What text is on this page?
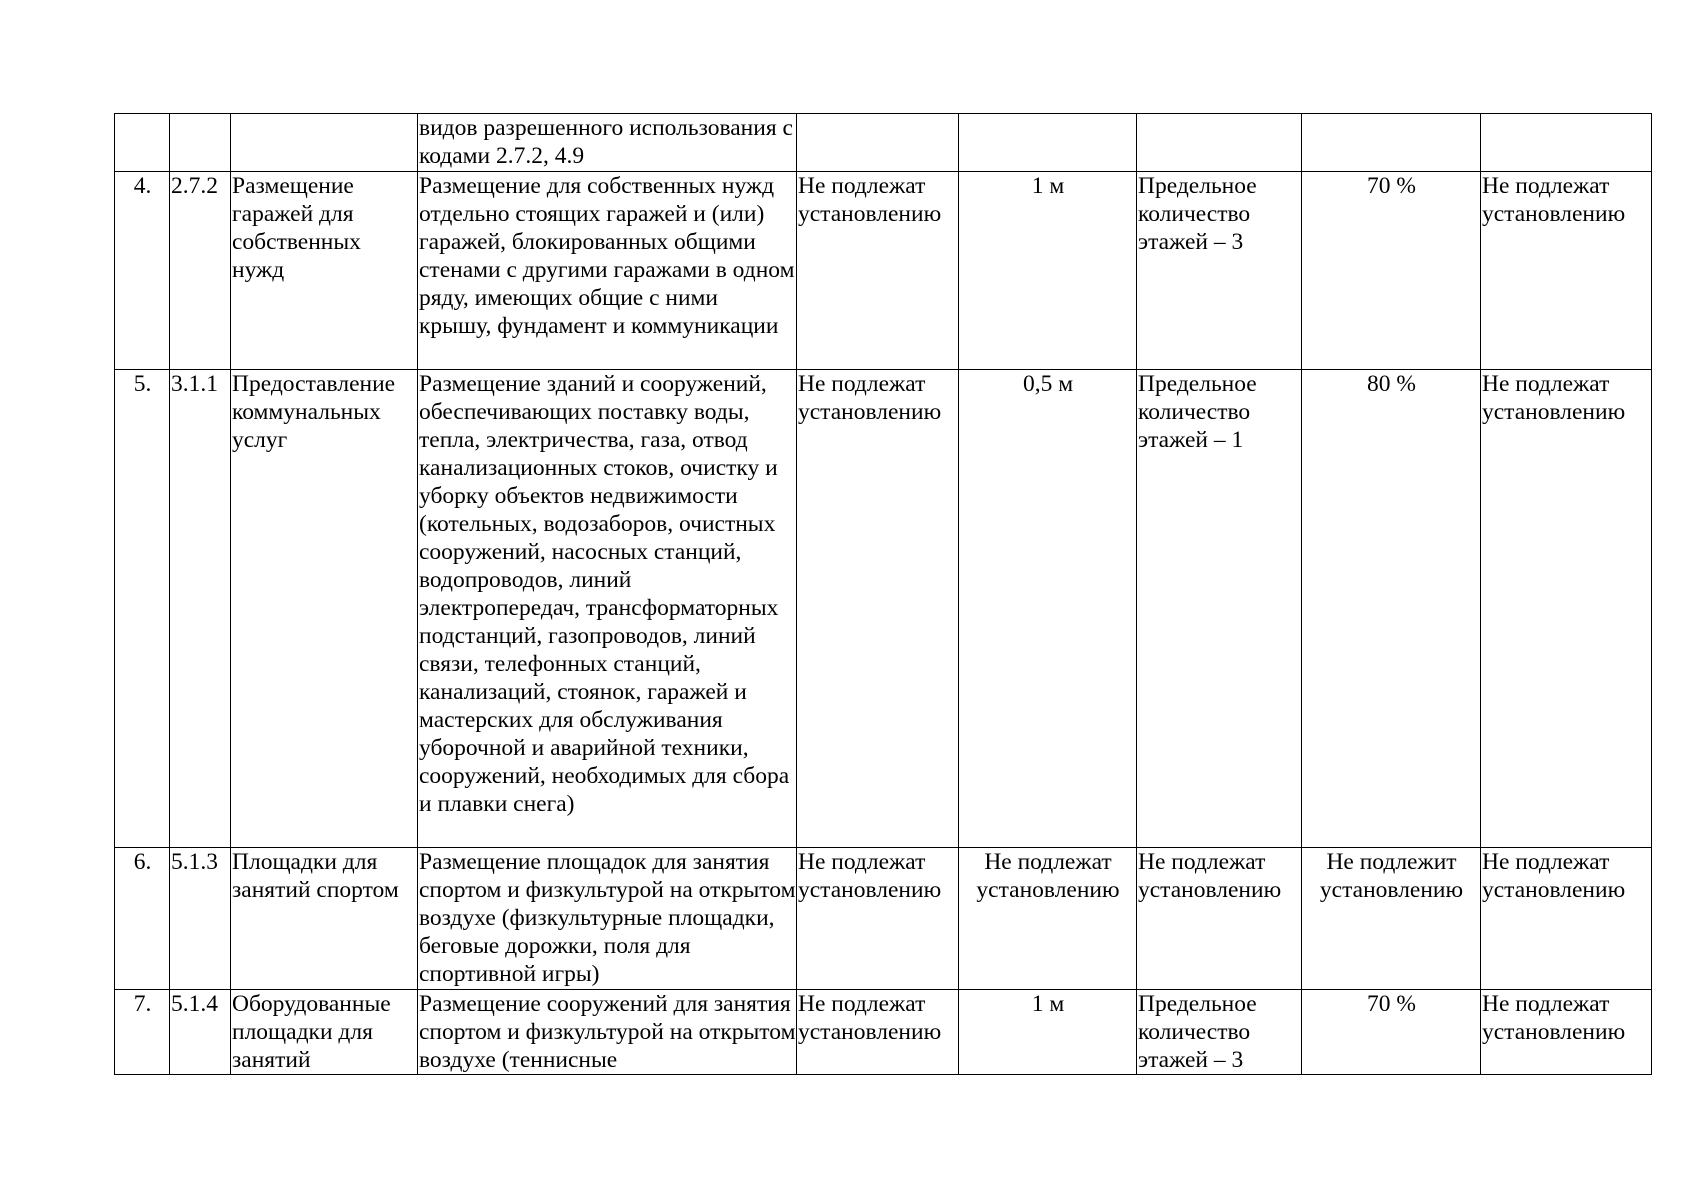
			видов разрешенного использования с кодами 2.7.2, 4.9					

4.	2.7.2	Размещение гаражей для собственных нужд	Размещение для собственных нужд отдельно стоящих гаражей и (или) гаражей, блокированных общими стенами с другими гаражами в одном ряду, имеющих общие с ними крышу, фундамент и коммуникации	Не подлежат установлению	1 м	Предельное количество этажей – 3	70 %	Не подлежат установлению

5.	3.1.1	Предоставление коммунальных услуг	Размещение зданий и сооружений, обеспечивающих поставку воды, тепла, электричества, газа, отвод канализационных стоков, очистку и уборку объектов недвижимости (котельных, водозаборов, очистных сооружений, насосных станций, водопроводов, линий электропередач, трансформаторных подстанций, газопроводов, линий связи, телефонных станций, канализаций, стоянок, гаражей и мастерских для обслуживания уборочной и аварийной техники, сооружений, необходимых для сбора и плавки снега)	Не подлежат установлению	0,5 м	Предельное количество этажей – 1	80 %	Не подлежат установлению

6.	5.1.3	Площадки для занятий спортом	Размещение площадок для занятия спортом и физкультурой на открытом воздухе (физкультурные площадки, беговые дорожки, поля для спортивной игры)	Не подлежат установлению	Не подлежат установлению	Не подлежат установлению	Не подлежит установлению	Не подлежат установлению

7.	5.1.4	Оборудованные площадки для занятий	Размещение сооружений для занятия спортом и физкультурой на открытом воздухе (теннисные	Не подлежат установлению	1 м	Предельное количество этажей – 3	70 %	Не подлежат установлению
